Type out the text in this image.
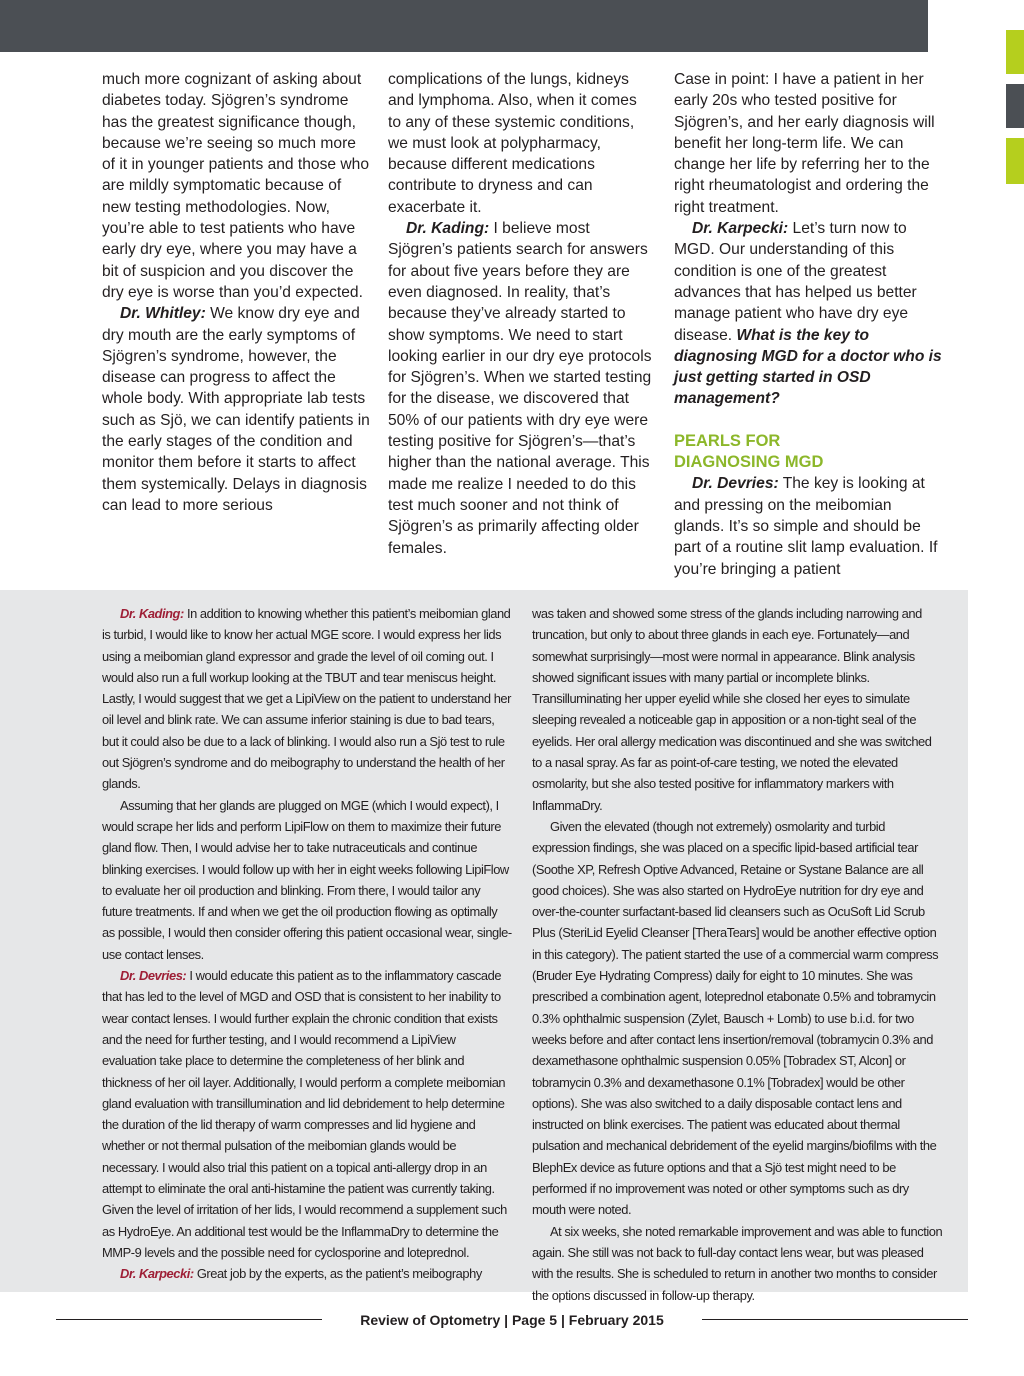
much more cognizant of asking about diabetes today. Sjögren’s syndrome has the greatest significance though, because we’re seeing so much more of it in younger patients and those who are mildly symptomatic because of new testing methodologies. Now, you’re able to test patients who have early dry eye, where you may have a bit of suspicion and you discover the dry eye is worse than you’d expected.

Dr. Whitley: We know dry eye and dry mouth are the early symptoms of Sjögren’s syndrome, however, the disease can progress to affect the whole body. With appropriate lab tests such as Sjö, we can identify patients in the early stages of the condition and monitor them before it starts to affect them systemically. Delays in diagnosis can lead to more serious

complications of the lungs, kidneys and lymphoma. Also, when it comes to any of these systemic conditions, we must look at polypharmacy, because different medications contribute to dryness and can exacerbate it.

Dr. Kading: I believe most Sjögren’s patients search for answers for about five years before they are even diagnosed. In reality, that’s because they’ve already started to show symptoms. We need to start looking earlier in our dry eye protocols for Sjögren’s. When we started testing for the disease, we discovered that 50% of our patients with dry eye were testing positive for Sjögren’s—that’s higher than the national average. This made me realize I needed to do this test much sooner and not think of Sjögren’s as primarily affecting older females.

Case in point: I have a patient in her early 20s who tested positive for Sjögren’s, and her early diagnosis will benefit her long-term life. We can change her life by referring her to the right rheumatologist and ordering the right treatment.

Dr. Karpecki: Let’s turn now to MGD. Our understanding of this condition is one of the greatest advances that has helped us better manage patient who have dry eye disease. What is the key to diagnosing MGD for a doctor who is just getting started in OSD management?

PEARLS FOR
DIAGNOSING MGD

Dr. Devries: The key is looking at and pressing on the meibomian glands. It’s so simple and should be part of a routine slit lamp evaluation. If you’re bringing a patient

Dr. Kading: In addition to knowing whether this patient’s meibomian gland is turbid, I would like to know her actual MGE score. I would express her lids using a meibomian gland expressor and grade the level of oil coming out. I would also run a full workup looking at the TBUT and tear meniscus height. Lastly, I would suggest that we get a LipiView on the patient to understand her oil level and blink rate. We can assume inferior staining is due to bad tears, but it could also be due to a lack of blinking. I would also run a Sjö test to rule out Sjögren’s syndrome and do meibography to understand the health of her glands.

Assuming that her glands are plugged on MGE (which I would expect), I would scrape her lids and perform LipiFlow on them to maximize their future gland flow. Then, I would advise her to take nutraceuticals and continue blinking exercises. I would follow up with her in eight weeks following LipiFlow to evaluate her oil production and blinking. From there, I would tailor any future treatments. If and when we get the oil production flowing as optimally as possible, I would then consider offering this patient occasional wear, single-use contact lenses.

Dr. Devries: I would educate this patient as to the inflammatory cascade that has led to the level of MGD and OSD that is consistent to her inability to wear contact lenses. I would further explain the chronic condition that exists and the need for further testing, and I would recommend a LipiView evaluation take place to determine the completeness of her blink and thickness of her oil layer. Additionally, I would perform a complete meibomian gland evaluation with transillumination and lid debridement to help determine the duration of the lid therapy of warm compresses and lid hygiene and whether or not thermal pulsation of the meibomian glands would be necessary. I would also trial this patient on a topical anti-allergy drop in an attempt to eliminate the oral anti-histamine the patient was currently taking. Given the level of irritation of her lids, I would recommend a supplement such as HydroEye. An additional test would be the InflammaDry to determine the MMP-9 levels and the possible need for cyclosporine and loteprednol.

Dr. Karpecki: Great job by the experts, as the patient’s meibography

was taken and showed some stress of the glands including narrowing and truncation, but only to about three glands in each eye. Fortunately—and somewhat surprisingly—most were normal in appearance. Blink analysis showed significant issues with many partial or incomplete blinks. Transilluminating her upper eyelid while she closed her eyes to simulate sleeping revealed a noticeable gap in apposition or a non-tight seal of the eyelids. Her oral allergy medication was discontinued and she was switched to a nasal spray. As far as point-of-care testing, we noted the elevated osmolarity, but she also tested positive for inflammatory markers with InflammaDry.

Given the elevated (though not extremely) osmolarity and turbid expression findings, she was placed on a specific lipid-based artificial tear (Soothe XP, Refresh Optive Advanced, Retaine or Systane Balance are all good choices). She was also started on HydroEye nutrition for dry eye and over-the-counter surfactant-based lid cleansers such as OcuSoft Lid Scrub Plus (SteriLid Eyelid Cleanser [TheraTears] would be another effective option in this category). The patient started the use of a commercial warm compress (Bruder Eye Hydrating Compress) daily for eight to 10 minutes. She was prescribed a combination agent, loteprednol etabonate 0.5% and tobramycin 0.3% ophthalmic suspension (Zylet, Bausch + Lomb) to use b.i.d. for two weeks before and after contact lens insertion/removal (tobramycin 0.3% and dexamethasone ophthalmic suspension 0.05% [Tobradex ST, Alcon] or tobramycin 0.3% and dexamethasone 0.1% [Tobradex] would be other options). She was also switched to a daily disposable contact lens and instructed on blink exercises. The patient was educated about thermal pulsation and mechanical debridement of the eyelid margins/biofilms with the BlephEx device as future options and that a Sjö test might need to be performed if no improvement was noted or other symptoms such as dry mouth were noted.

At six weeks, she noted remarkable improvement and was able to function again. She still was not back to full-day contact lens wear, but was pleased with the results. She is scheduled to return in another two months to consider the options discussed in follow-up therapy.

Review of Optometry | Page 5 | February 2015
